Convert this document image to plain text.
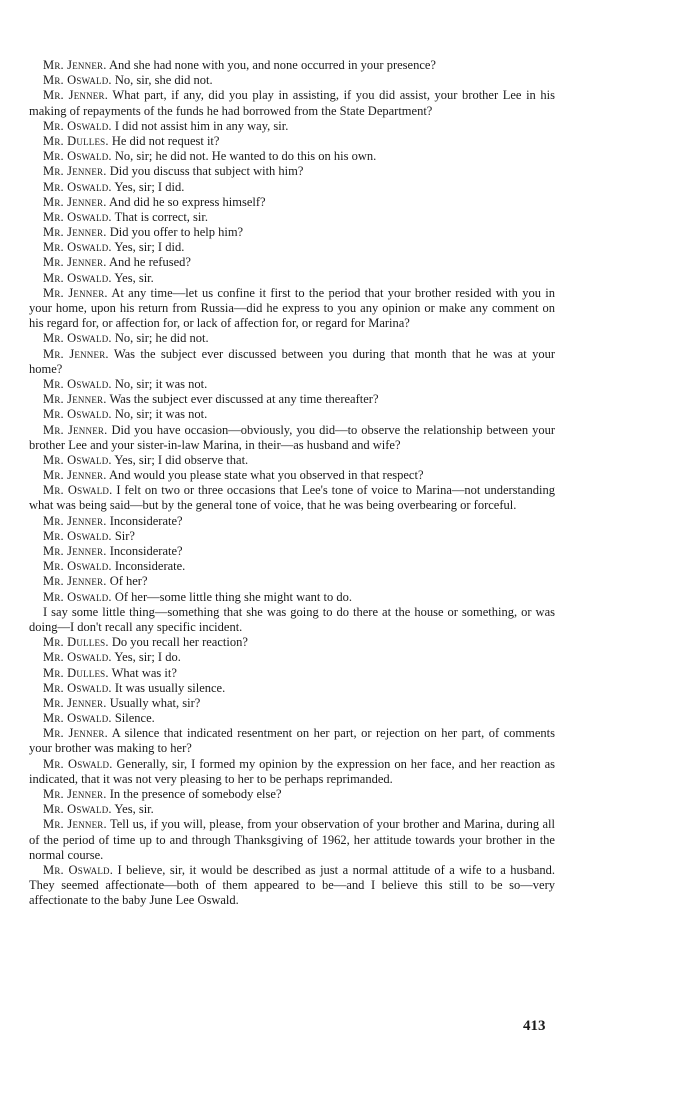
Mr. Jenner. And she had none with you, and none occurred in your presence?

Mr. Oswald. No, sir, she did not.

Mr. Jenner. What part, if any, did you play in assisting, if you did assist, your brother Lee in his making of repayments of the funds he had borrowed from the State Department?

Mr. Oswald. I did not assist him in any way, sir.

Mr. Dulles. He did not request it?

Mr. Oswald. No, sir; he did not. He wanted to do this on his own.

Mr. Jenner. Did you discuss that subject with him?

Mr. Oswald. Yes, sir; I did.

Mr. Jenner. And did he so express himself?

Mr. Oswald. That is correct, sir.

Mr. Jenner. Did you offer to help him?

Mr. Oswald. Yes, sir; I did.

Mr. Jenner. And he refused?

Mr. Oswald. Yes, sir.

Mr. Jenner. At any time—let us confine it first to the period that your brother resided with you in your home, upon his return from Russia—did he express to you any opinion or make any comment on his regard for, or affection for, or lack of affection for, or regard for Marina?

Mr. Oswald. No, sir; he did not.

Mr. Jenner. Was the subject ever discussed between you during that month that he was at your home?

Mr. Oswald. No, sir; it was not.

Mr. Jenner. Was the subject ever discussed at any time thereafter?

Mr. Oswald. No, sir; it was not.

Mr. Jenner. Did you have occasion—obviously, you did—to observe the relationship between your brother Lee and your sister-in-law Marina, in their—as husband and wife?

Mr. Oswald. Yes, sir; I did observe that.

Mr. Jenner. And would you please state what you observed in that respect?

Mr. Oswald. I felt on two or three occasions that Lee's tone of voice to Marina—not understanding what was being said—but by the general tone of voice, that he was being overbearing or forceful.

Mr. Jenner. Inconsiderate?

Mr. Oswald. Sir?

Mr. Jenner. Inconsiderate?

Mr. Oswald. Inconsiderate.

Mr. Jenner. Of her?

Mr. Oswald. Of her—some little thing she might want to do.

I say some little thing—something that she was going to do there at the house or something, or was doing—I don't recall any specific incident.

Mr. Dulles. Do you recall her reaction?

Mr. Oswald. Yes, sir; I do.

Mr. Dulles. What was it?

Mr. Oswald. It was usually silence.

Mr. Jenner. Usually what, sir?

Mr. Oswald. Silence.

Mr. Jenner. A silence that indicated resentment on her part, or rejection on her part, of comments your brother was making to her?

Mr. Oswald. Generally, sir, I formed my opinion by the expression on her face, and her reaction as indicated, that it was not very pleasing to her to be perhaps reprimanded.

Mr. Jenner. In the presence of somebody else?

Mr. Oswald. Yes, sir.

Mr. Jenner. Tell us, if you will, please, from your observation of your brother and Marina, during all of the period of time up to and through Thanksgiving of 1962, her attitude towards your brother in the normal course.

Mr. Oswald. I believe, sir, it would be described as just a normal attitude of a wife to a husband. They seemed affectionate—both of them appeared to be—and I believe this still to be so—very affectionate to the baby June Lee Oswald.

413
